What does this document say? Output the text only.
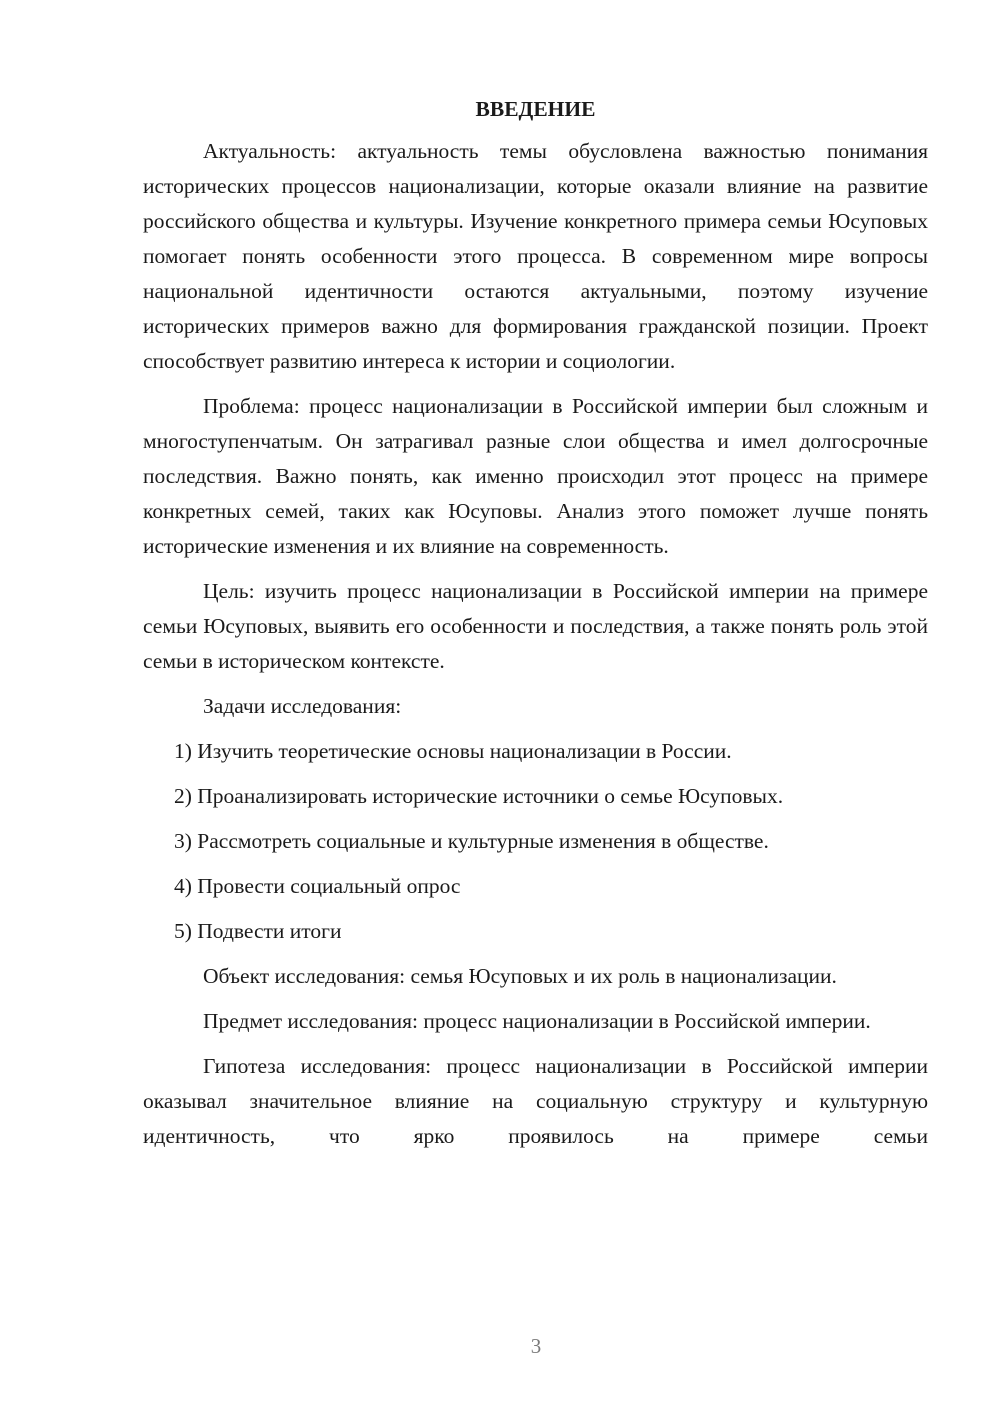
ВВЕДЕНИЕ

Актуальность: актуальность темы обусловлена важностью понимания исторических процессов национализации, которые оказали влияние на развитие российского общества и культуры. Изучение конкретного примера семьи Юсуповых помогает понять особенности этого процесса. В современном мире вопросы национальной идентичности остаются актуальными, поэтому изучение исторических примеров важно для формирования гражданской позиции. Проект способствует развитию интереса к истории и социологии.

Проблема: процесс национализации в Российской империи был сложным и многоступенчатым. Он затрагивал разные слои общества и имел долгосрочные последствия. Важно понять, как именно происходил этот процесс на примере конкретных семей, таких как Юсуповы. Анализ этого поможет лучше понять исторические изменения и их влияние на современность.

Цель: изучить процесс национализации в Российской империи на примере семьи Юсуповых, выявить его особенности и последствия, а также понять роль этой семьи в историческом контексте.

Задачи исследования:

1) Изучить теоретические основы национализации в России.
2) Проанализировать исторические источники о семье Юсуповых.
3) Рассмотреть социальные и культурные изменения в обществе.
4) Провести социальный опрос
5) Подвести итоги

Объект исследования: семья Юсуповых и их роль в национализации.

Предмет исследования: процесс национализации в Российской империи.

Гипотеза исследования: процесс национализации в Российской империи оказывал значительное влияние на социальную структуру и культурную идентичность, что ярко проявилось на примере семьи

3
